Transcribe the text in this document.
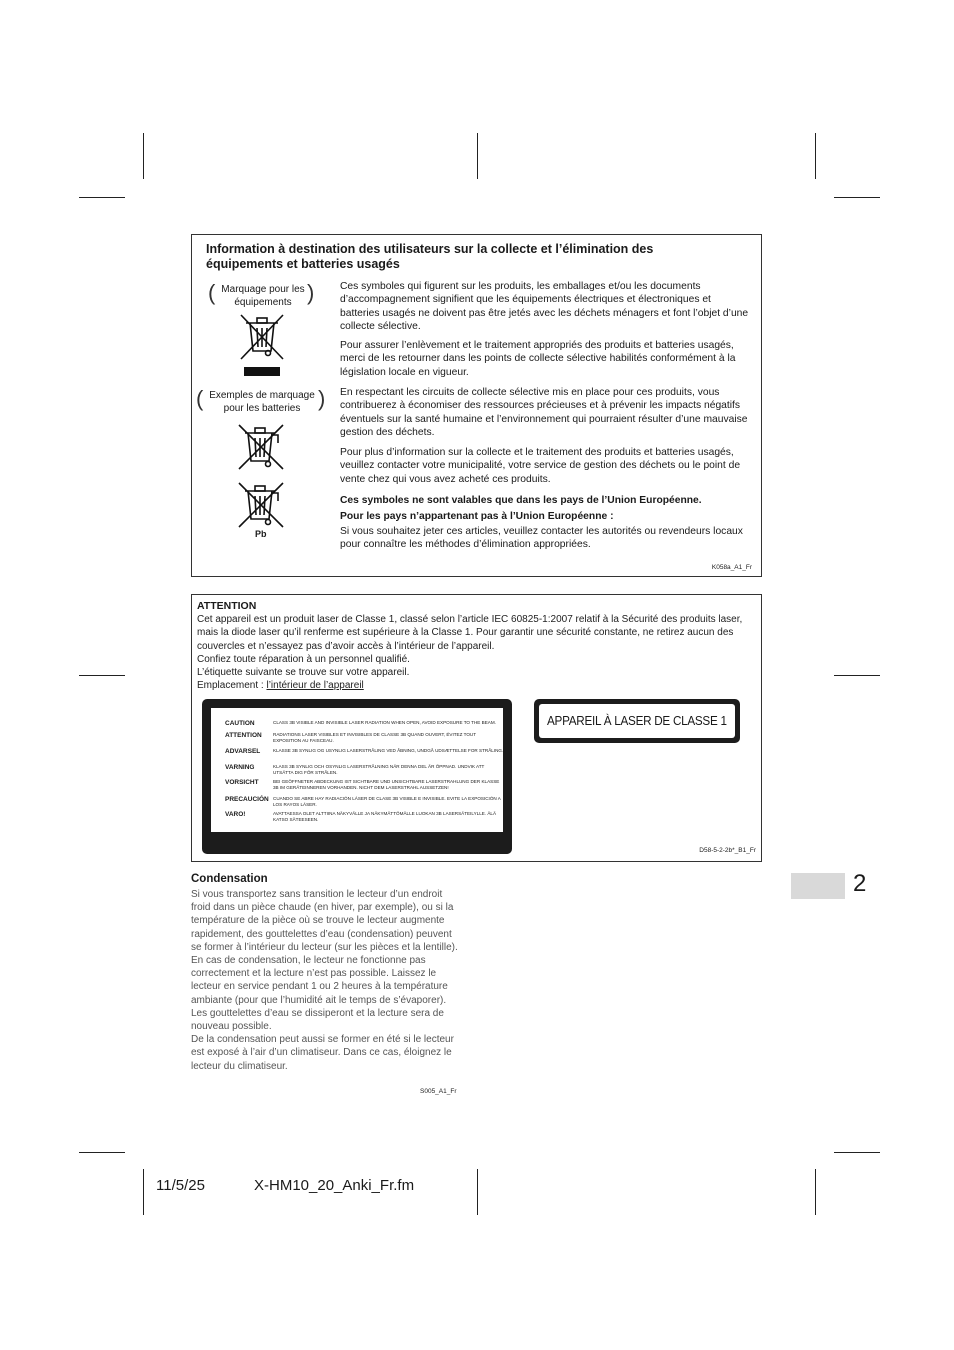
Information à destination des utilisateurs sur la collecte et l’élimination des équipements et batteries usagés
( Marquage pour les équipements )
( Exemples de marquage pour les batteries )
Pb
Ces symboles qui figurent sur les produits, les emballages et/ou les documents d’accompagnement signifient que les équipements électriques et électroniques et batteries usagés ne doivent pas être jetés avec les déchets ménagers et font l’objet d’une collecte sélective.
Pour assurer l’enlèvement et le traitement appropriés des produits et batteries usagés, merci de les retourner dans les points de collecte sélective habilités conformément à la législation locale en vigueur.
En respectant les circuits de collecte sélective mis en place pour ces produits, vous contribuerez à économiser des ressources précieuses et à prévenir les impacts négatifs éventuels sur la santé humaine et l’environnement qui pourraient résulter d’une mauvaise gestion des déchets.
Pour plus d’information sur la collecte et le traitement des produits et batteries usagés, veuillez contacter votre municipalité, votre service de gestion des déchets ou le point de vente chez qui vous avez acheté ces produits.
Ces symboles ne sont valables que dans les pays de l’Union Européenne.
Pour les pays n’appartenant pas à l’Union Européenne :
Si vous souhaitez jeter ces articles, veuillez contacter les autorités ou revendeurs locaux pour connaître les méthodes d’élimination appropriées.
K058a_A1_Fr
ATTENTION
Cet appareil est un produit laser de Classe 1, classé selon l’article IEC 60825-1:2007 relatif à la Sécurité des produits laser, mais la diode laser qu’il renferme est supérieure à la Classe 1. Pour garantir une sécurité constante, ne retirez aucun des couvercles et n’essayez pas d’avoir accès à l’intérieur de l’appareil.
Confiez toute réparation à un personnel qualifié.
L’étiquette suivante se trouve sur votre appareil.
Emplacement : l’intérieur de l’appareil
CAUTION	CLASS 3B VISIBLE AND INVISIBLE LASER RADIATION WHEN OPEN, AVOID EXPOSURE TO THE BEAM.
ATTENTION RADIATIONS LASER VISIBLES ET INVISIBLES DE CLASSE 3B QUAND OUVERT, ÉVITEZ TOUT EXPOSITION AU FAISCEAU.
ADVARSEL	KLASSE 3B SYNLIG OG USYNLIG LASERSTRÅLING VED ÅBNING, UNDGÅ UDSÆTTELSE FOR STRÅLING.
VARNING	KLASS 3B SYNLIG OCH OSYNLIG LASERSTRÅLNING NÄR DENNA DEL ÄR ÖPPNAD. UNDVIK ATT UTSÄTTA DIG FÖR STRÅLEN.
VORSICHT	BEI GEÖFFNETER ABDECKUNG IST SICHTBARE UND UNSICHTBARE LASERSTRAHLUNG DER KLASSE 3B IM GERÄTEINNEREN VORHANDEN. NICHT DEM LASERSTRAHL AUSSETZEN!
PRECAUCIÓN CUANDO SE ABRE HAY RADIACIÓN LÁSER DE CLASE 3B VISIBLE E INVISIBLE. EVITE LA EXPOSICIÓN A LOS RAYOS LÁSER.
VARO!	AVATTAESSA OLET ALTTIINA NÄKYVÄLLE JA NÄKYMÄTTÖMÄLLE LUOKAN 3B LASERSÄTEILYLLE. ÄLÄ KATSO SÄTEESEEN.
APPAREIL À LASER DE CLASSE 1
D58-5-2-2b*_B1_Fr
2
Condensation
Si vous transportez sans transition le lecteur d’un endroit froid dans un pièce chaude (en hiver, par exemple), ou si la température de la pièce où se trouve le lecteur augmente rapidement, des gouttelettes d’eau (condensation) peuvent se former à l’intérieur du lecteur (sur les pièces et la lentille). En cas de condensation, le lecteur ne fonctionne pas correctement et la lecture n’est pas possible. Laissez le lecteur en service pendant 1 ou 2 heures à la température ambiante (pour que l’humidité ait le temps de s’évaporer). Les gouttelettes d’eau se dissiperont et la lecture sera de nouveau possible.
De la condensation peut aussi se former en été si le lecteur est exposé à l’air d’un climatiseur. Dans ce cas, éloignez le lecteur du climatiseur.
S005_A1_Fr
11/5/25	X-HM10_20_Anki_Fr.fm
